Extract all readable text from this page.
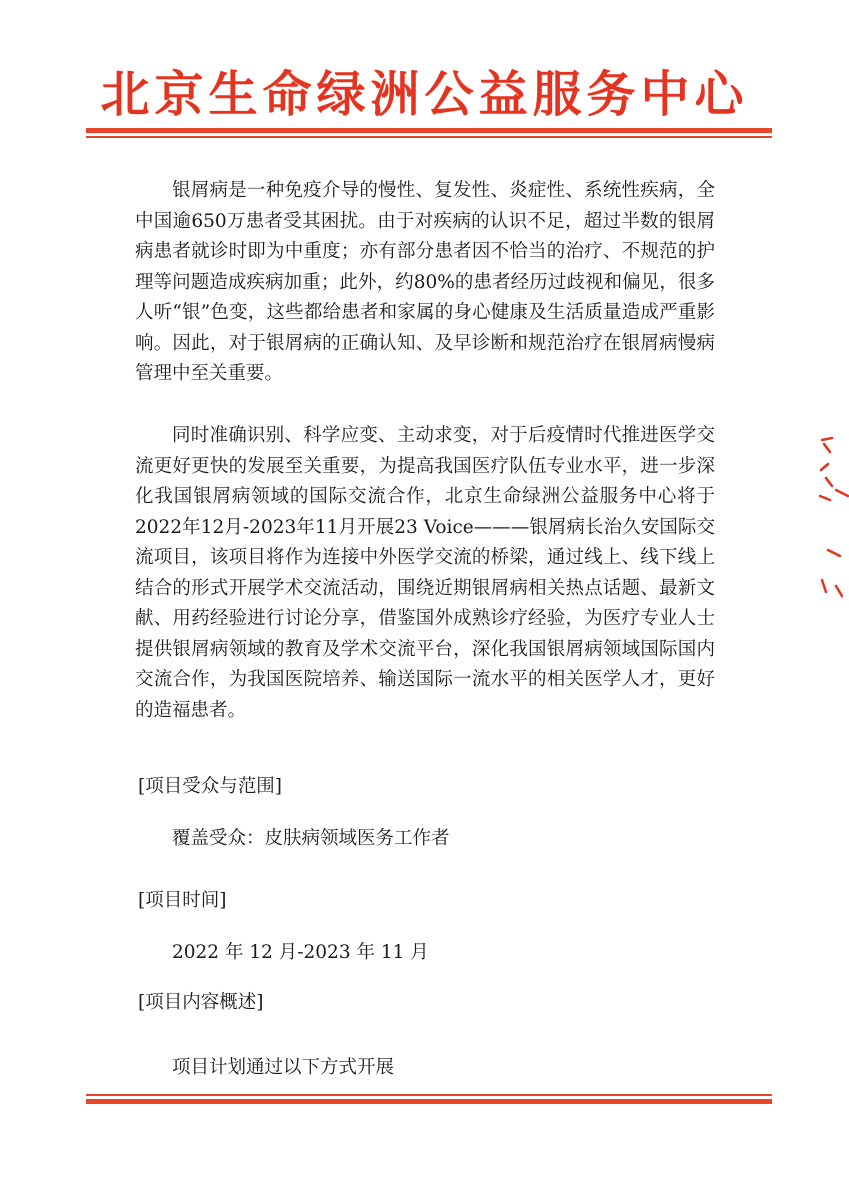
北京生命绿洲公益服务中心

银屑病是一种免疫介导的慢性、复发性、炎症性、系统性疾病，全中国逾650万患者受其困扰。由于对疾病的认识不足，超过半数的银屑病患者就诊时即为中重度；亦有部分患者因不恰当的治疗、不规范的护理等问题造成疾病加重；此外，约80%的患者经历过歧视和偏见，很多人听“银”色变，这些都给患者和家属的身心健康及生活质量造成严重影响。因此，对于银屑病的正确认知、及早诊断和规范治疗在银屑病慢病管理中至关重要。

同时准确识别、科学应变、主动求变，对于后疫情时代推进医学交流更好更快的发展至关重要，为提高我国医疗队伍专业水平，进一步深化我国银屑病领域的国际交流合作，北京生命绿洲公益服务中心将于2022年12月-2023年11月开展23 Voice———银屑病长治久安国际交流项目，该项目将作为连接中外医学交流的桥梁，通过线上、线下线上结合的形式开展学术交流活动，围绕近期银屑病相关热点话题、最新文献、用药经验进行讨论分享，借鉴国外成熟诊疗经验，为医疗专业人士提供银屑病领域的教育及学术交流平台，深化我国银屑病领域国际国内交流合作，为我国医院培养、输送国际一流水平的相关医学人才，更好的造福患者。

[项目受众与范围]
覆盖受众：皮肤病领域医务工作者
[项目时间]
2022 年 12 月-2023 年 11 月
[项目内容概述]
项目计划通过以下方式开展
